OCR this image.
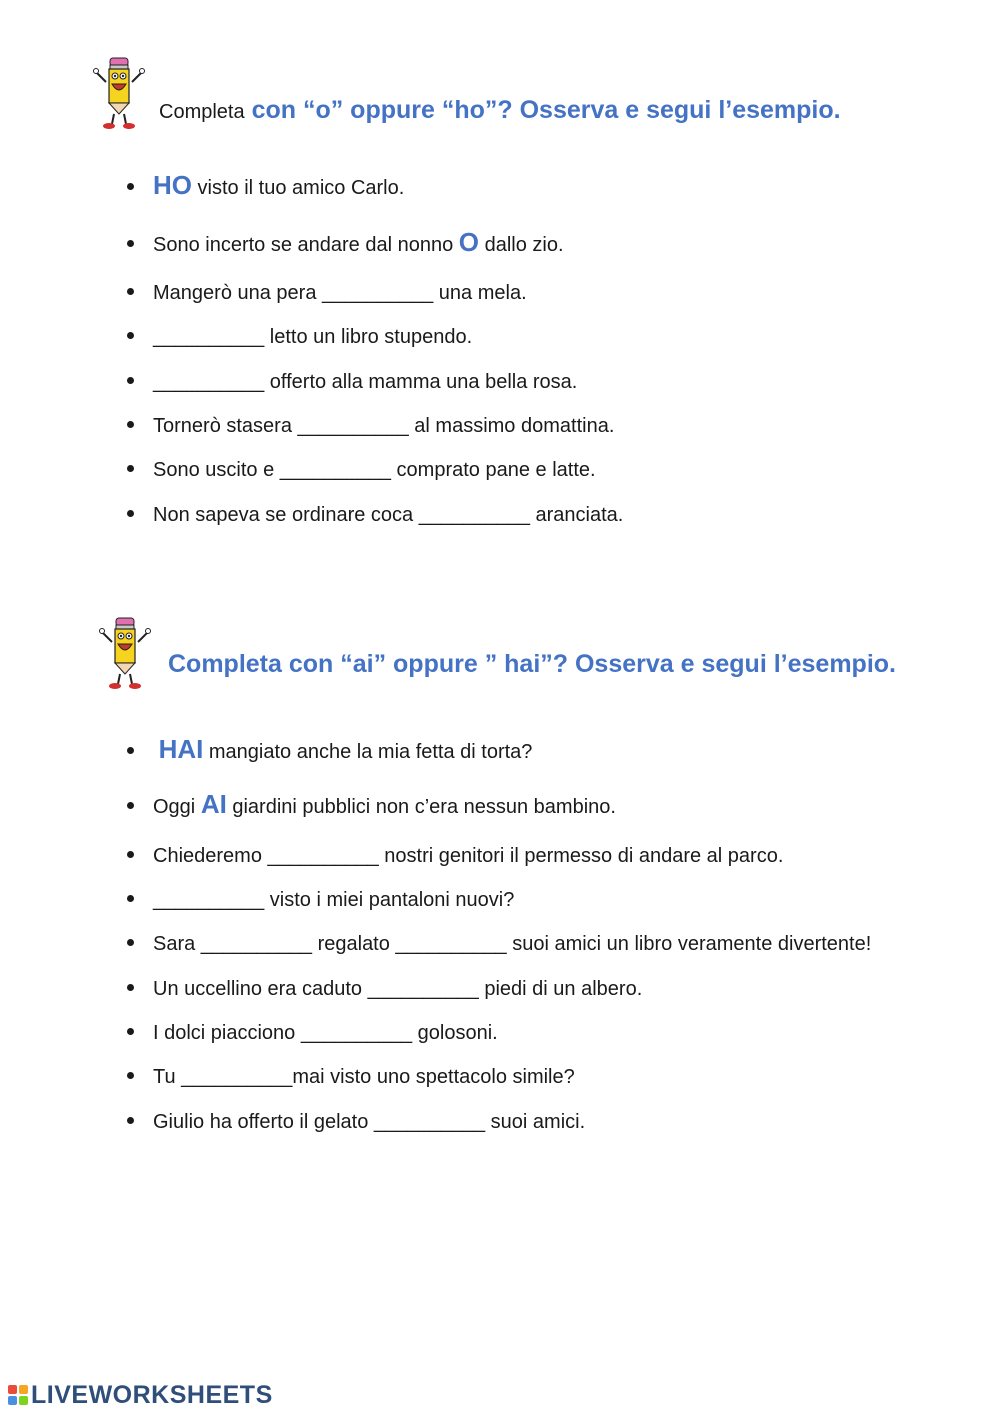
Completa con “o” oppure “ho”? Osserva e segui l’esempio.
HO visto il tuo amico Carlo.
Sono incerto se andare dal nonno O dallo zio.
Mangerò una pera __________ una mela.
__________ letto un libro stupendo.
__________ offerto alla mamma una bella rosa.
Tornerò stasera __________ al massimo domattina.
Sono uscito e __________ comprato pane e latte.
Non sapeva se ordinare coca __________ aranciata.
Completa con “ai” oppure ” hai”? Osserva e segui l’esempio.
HAI mangiato anche la mia fetta di torta?
Oggi AI giardini pubblici non c’era nessun bambino.
Chiederemo __________ nostri genitori il permesso di andare al parco.
__________ visto i miei pantaloni nuovi?
Sara __________ regalato __________ suoi amici un libro veramente divertente!
Un uccellino era caduto __________ piedi di un albero.
I dolci piacciono __________ golosoni.
Tu __________mai visto uno spettacolo simile?
Giulio ha offerto il gelato __________ suoi amici.
LIVEWORKSHEETS
